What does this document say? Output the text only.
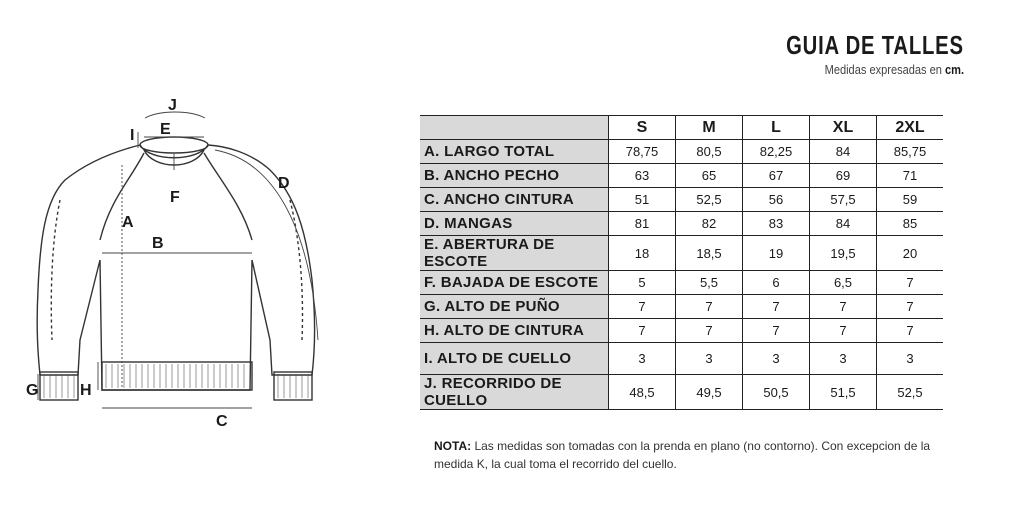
GUIA DE TALLES
Medidas expresadas en cm.
A
B
C
D
E
F
G	H
I
J
	S	M	L	XL	2XL
A. LARGO TOTAL	78,75	80,5	82,25	84	85,75
B. ANCHO PECHO	63	65	67	69	71
C. ANCHO CINTURA	51	52,5	56	57,5	59
D. MANGAS	81	82	83	84	85
E. ABERTURA DE ESCOTE	18	18,5	19	19,5	20
F. BAJADA DE ESCOTE	5	5,5	6	6,5	7
G. ALTO DE PUÑO	7	7	7	7	7
H. ALTO DE CINTURA	7	7	7	7	7
I. ALTO DE CUELLO	3	3	3	3	3
J. RECORRIDO DE CUELLO	48,5	49,5	50,5	51,5	52,5
NOTA: Las medidas son tomadas con la prenda en plano (no contorno). Con excepcion de la medida K, la cual toma el recorrido del cuello.
